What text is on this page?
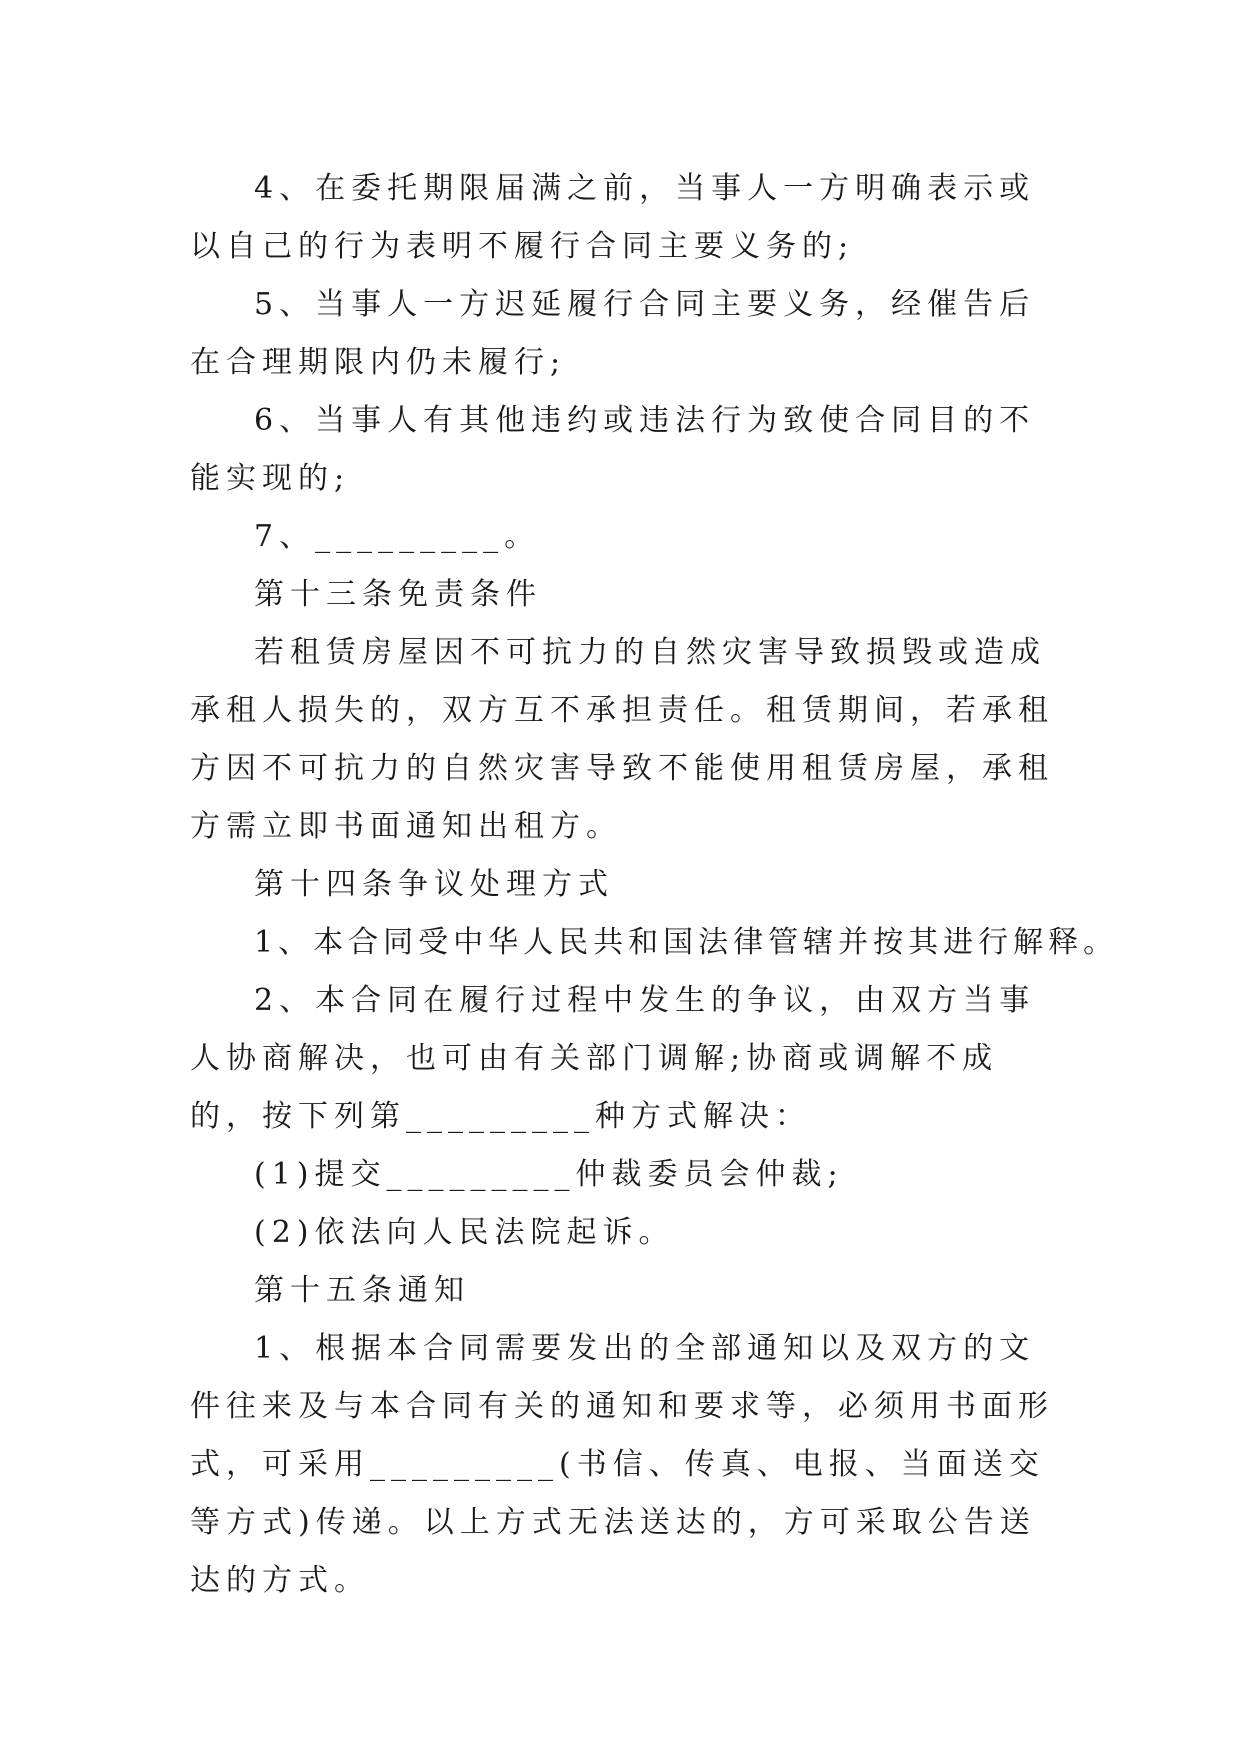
4、在委托期限届满之前，当事人一方明确表示或以自己的行为表明不履行合同主要义务的;

5、当事人一方迟延履行合同主要义务，经催告后在合理期限内仍未履行;

6、当事人有其他违约或违法行为致使合同目的不能实现的;

7、_________。

第十三条免责条件

若租赁房屋因不可抗力的自然灾害导致损毁或造成承租人损失的，双方互不承担责任。租赁期间，若承租方因不可抗力的自然灾害导致不能使用租赁房屋，承租方需立即书面通知出租方。

第十四条争议处理方式

1、本合同受中华人民共和国法律管辖并按其进行解释。

2、本合同在履行过程中发生的争议，由双方当事人协商解决，也可由有关部门调解;协商或调解不成的，按下列第_________种方式解决：

(1)提交_________仲裁委员会仲裁;

(2)依法向人民法院起诉。

第十五条通知

1、根据本合同需要发出的全部通知以及双方的文件往来及与本合同有关的通知和要求等，必须用书面形式，可采用_________(书信、传真、电报、当面送交等方式)传递。以上方式无法送达的，方可采取公告送达的方式。
